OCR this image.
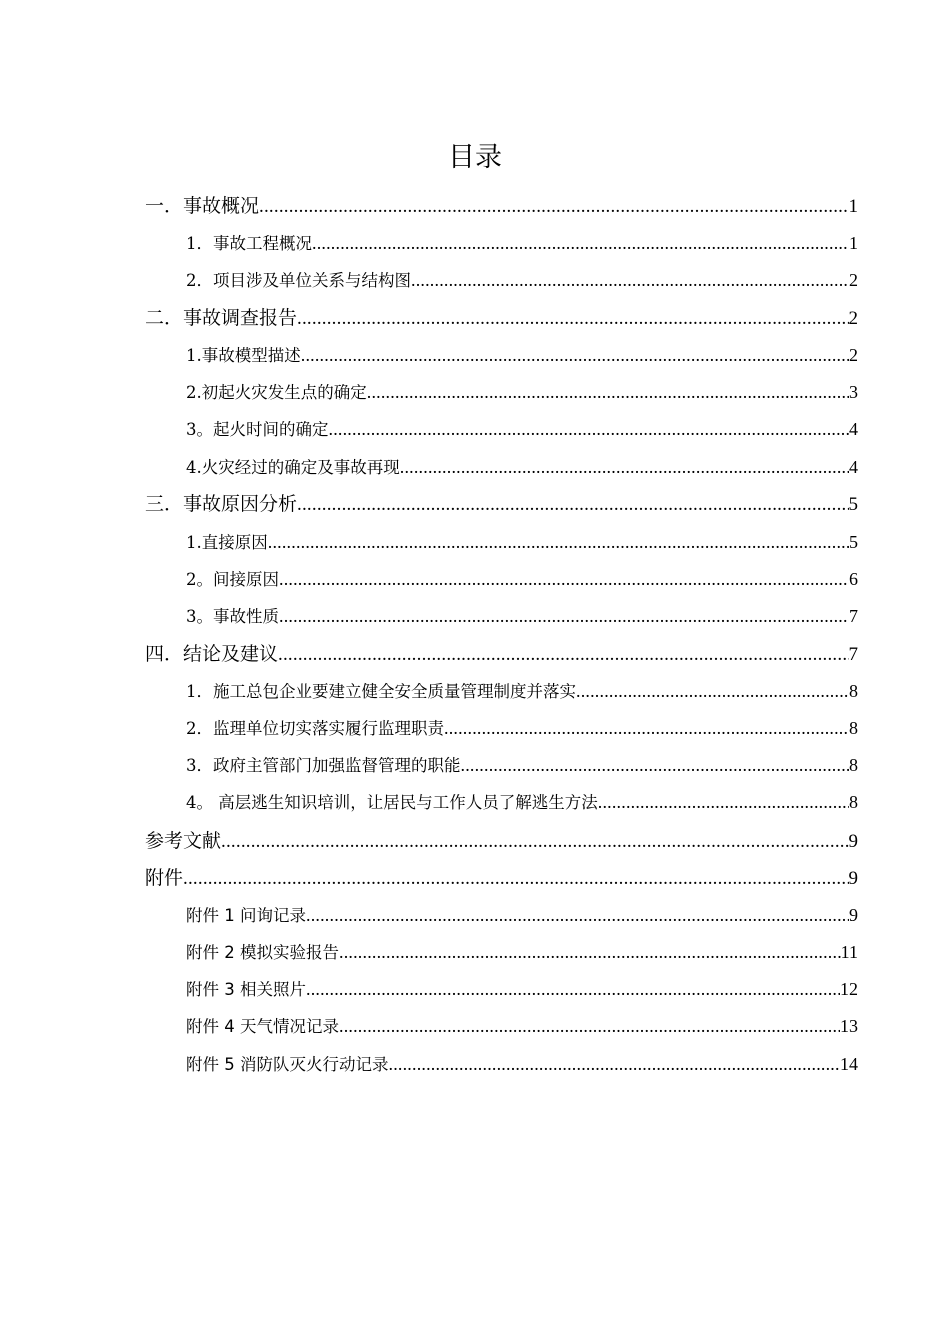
目录
一．事故概况 .....	1
1．事故工程概况 .....	1
2．项目涉及单位关系与结构图 .....	2
二．事故调查报告 .....	2
1.事故模型描述 .....	2
2.初起火灾发生点的确定 .....	3
3。起火时间的确定 .....	4
4.火灾经过的确定及事故再现 .....	4
三．事故原因分析 .....	5
1.直接原因 .....	5
2。间接原因 .....	6
3。事故性质 .....	7
四．结论及建议 .....	7
1．施工总包企业要建立健全安全质量管理制度并落实 .....	8
2．监理单位切实落实履行监理职责 .....	8
3．政府主管部门加强监督管理的职能 .....	8
4。 高层逃生知识培训，让居民与工作人员了解逃生方法 .....	8
参考文献 .....	9
附件 .....	9
附件 1 问询记录 .....	9
附件 2 模拟实验报告 .....	11
附件 3 相关照片 .....	12
附件 4 天气情况记录 .....	13
附件 5 消防队灭火行动记录 .....	14
